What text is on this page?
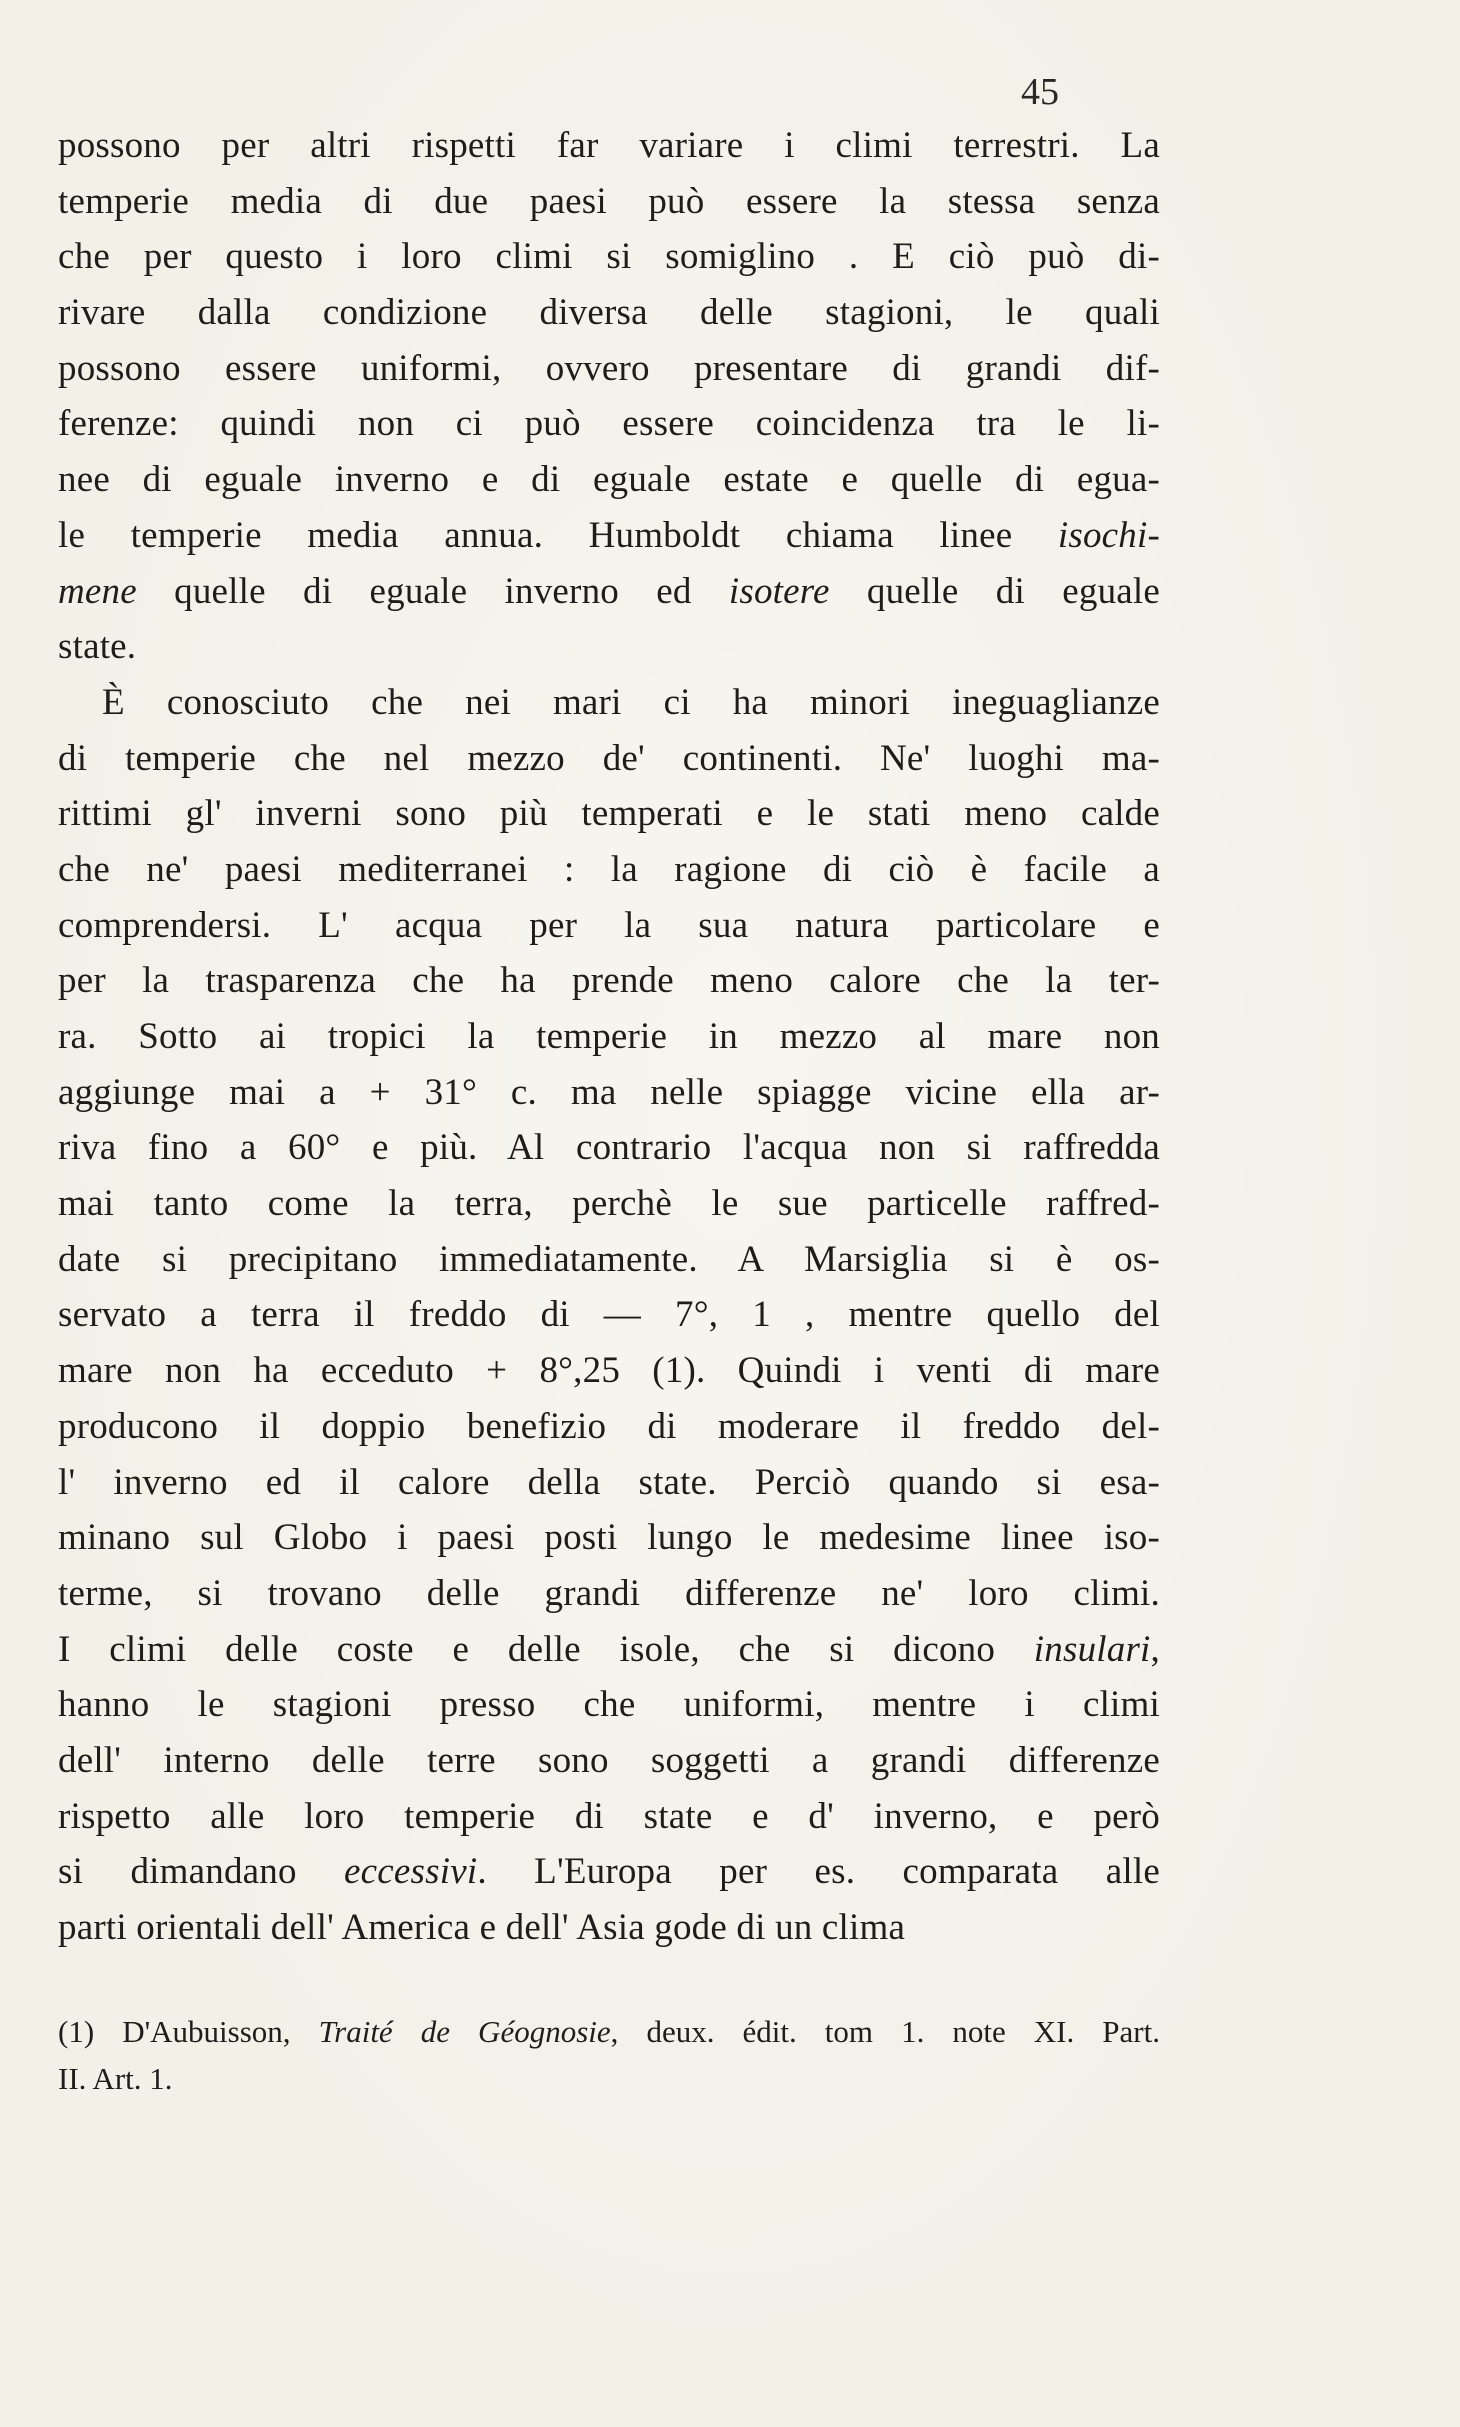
45
possono per altri rispetti far variare i climi terrestri. La
temperie media di due paesi può essere la stessa senza
che per questo i loro climi si somiglino . E ciò può di-
rivare dalla condizione diversa delle stagioni, le quali
possono essere uniformi, ovvero presentare di grandi dif-
ferenze: quindi non ci può essere coincidenza tra le li-
nee di eguale inverno e di eguale estate e quelle di egua-
le temperie media annua. Humboldt chiama linee isochi-
mene quelle di eguale inverno ed isotere quelle di eguale
state.
È conosciuto che nei mari ci ha minori ineguaglianze
di temperie che nel mezzo de' continenti. Ne' luoghi ma-
rittimi gl' inverni sono più temperati e le stati meno calde
che ne' paesi mediterranei : la ragione di ciò è facile a
comprendersi. L' acqua per la sua natura particolare e
per la trasparenza che ha prende meno calore che la ter-
ra. Sotto ai tropici la temperie in mezzo al mare non
aggiunge mai a + 31° c. ma nelle spiagge vicine ella ar-
riva fino a 60° e più. Al contrario l'acqua non si raffredda
mai tanto come la terra, perchè le sue particelle raffred-
date si precipitano immediatamente. A Marsiglia si è os-
servato a terra il freddo di — 7°, 1 , mentre quello del
mare non ha ecceduto + 8°,25 (1). Quindi i venti di mare
producono il doppio benefizio di moderare il freddo del-
l' inverno ed il calore della state. Perciò quando si esa-
minano sul Globo i paesi posti lungo le medesime linee iso-
terme, si trovano delle grandi differenze ne' loro climi.
I climi delle coste e delle isole, che si dicono insulari,
hanno le stagioni presso che uniformi, mentre i climi
dell' interno delle terre sono soggetti a grandi differenze
rispetto alle loro temperie di state e d' inverno, e però
si dimandano eccessivi. L'Europa per es. comparata alle
parti orientali dell' America e dell' Asia gode di un clima
(1) D'Aubuisson, Traité de Géognosie, deux. édit. tom 1. note XI. Part.
II. Art. 1.
